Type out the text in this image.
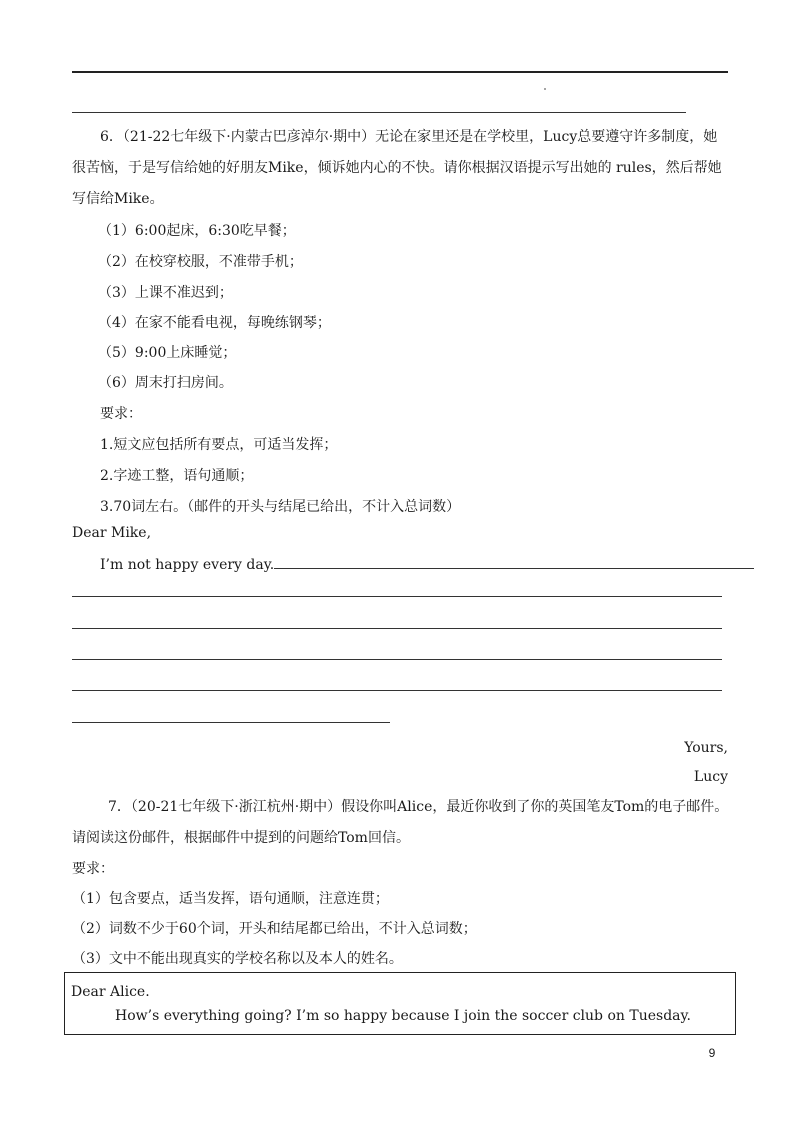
6．（21-22七年级下·内蒙古巴彦淖尔·期中）无论在家里还是在学校里，Lucy总要遵守许多制度，她
很苦恼，于是写信给她的好朋友Mike，倾诉她内心的不快。请你根据汉语提示写出她的 rules，然后帮她
写信给Mike。
（1）6:00起床，6:30吃早餐；
（2）在校穿校服，不准带手机；
（3）上课不准迟到；
（4）在家不能看电视，每晚练钢琴；
（5）9:00上床睡觉；
（6）周末打扫房间。
要求：
1.短文应包括所有要点，可适当发挥；
2.字迹工整，语句通顺；
3.70词左右。（邮件的开头与结尾已给出，不计入总词数）
Dear Mike,
I’m not happy every day.
Yours,
Lucy
7．（20-21七年级下·浙江杭州·期中）假设你叫Alice，最近你收到了你的英国笔友Tom的电子邮件。
请阅读这份邮件，根据邮件中提到的问题给Tom回信。
要求：
（1）包含要点，适当发挥，语句通顺，注意连贯；
（2）词数不少于60个词，开头和结尾都已给出，不计入总词数；
（3）文中不能出现真实的学校名称以及本人的姓名。
Dear Alice.
How’s everything going? I’m so happy because I join the soccer club on Tuesday.
9
